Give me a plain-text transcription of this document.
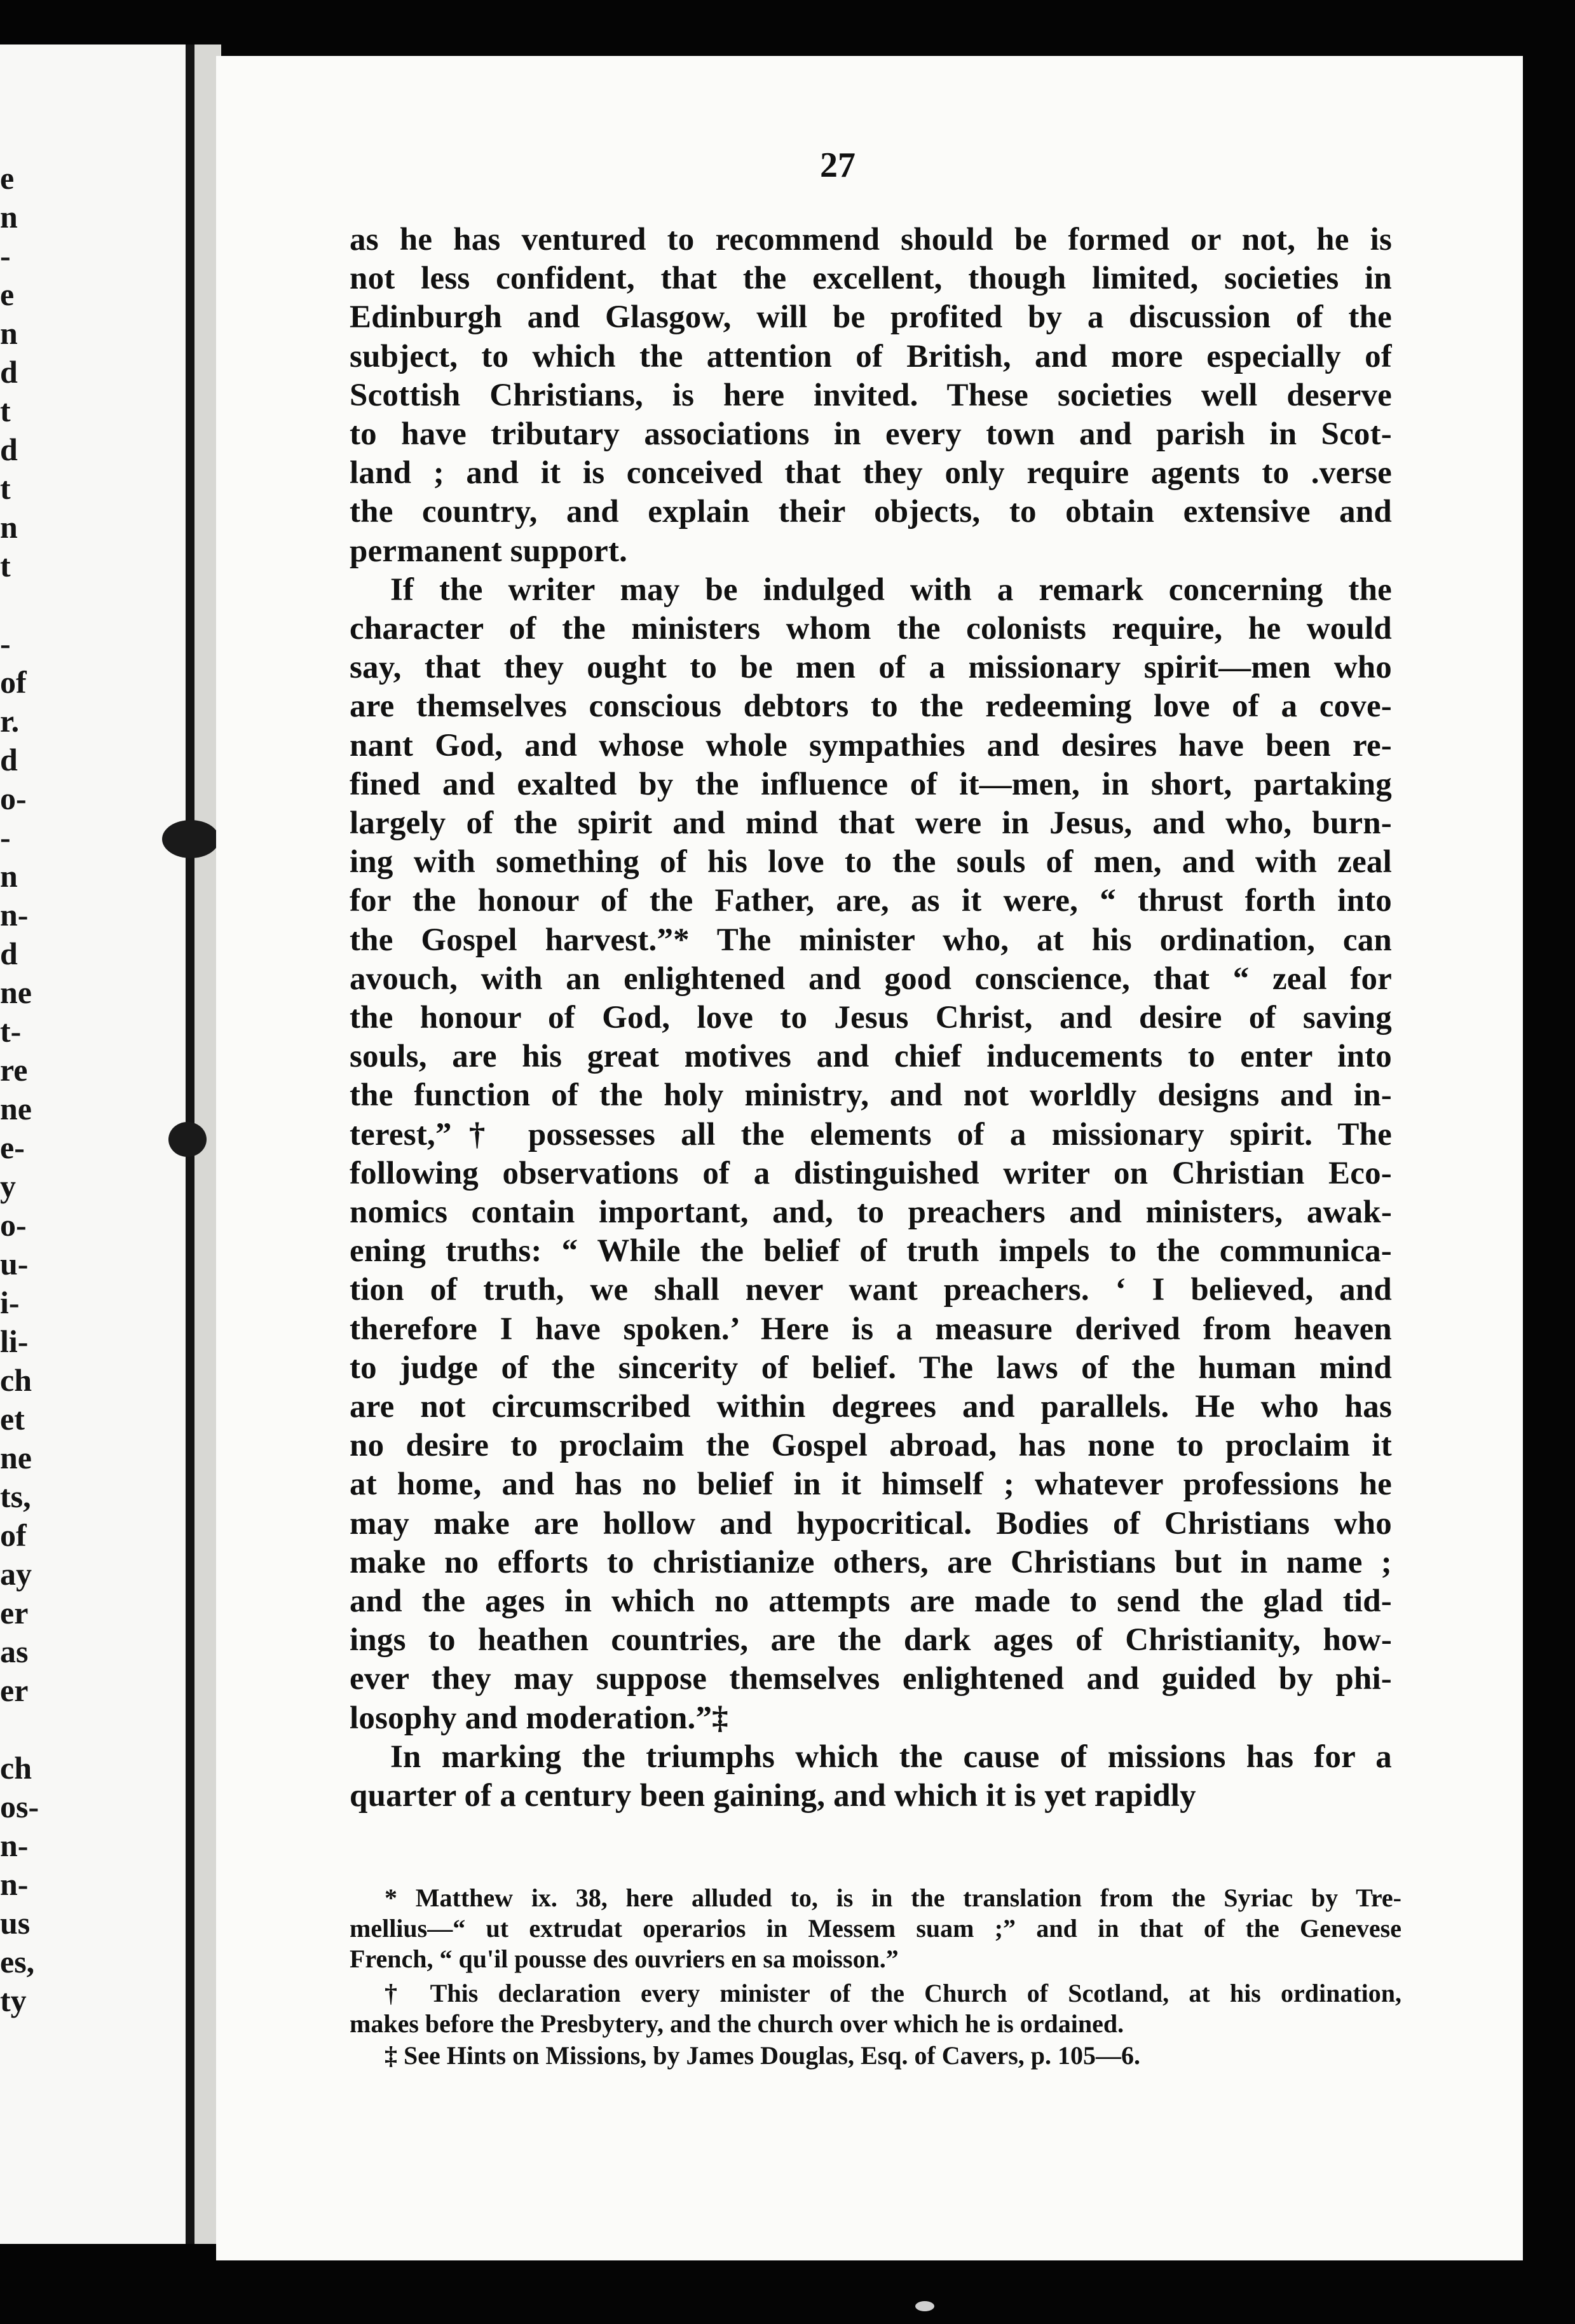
e
n
-
e
n
d
t
d
t
n
t
-
of
r.
d
o-
-
n
n-
d
ne
t-
re
ne
e-
y
o-
u-
i-
li-
ch
et
ne
ts,
of
ay
er
as
er
ch
os-
n-
n-
us
es,
ty
27
as he has ventured to recommend should be formed or not, he is
not less confident, that the excellent, though limited, societies in
Edinburgh and Glasgow, will be profited by a discussion of the
subject, to which the attention of British, and more especially of
Scottish Christians, is here invited. These societies well deserve
to have tributary associations in every town and parish in Scot-
land ; and it is conceived that they only require agents to .verse
the country, and explain their objects, to obtain extensive and
permanent support.
If the writer may be indulged with a remark concerning the
character of the ministers whom the colonists require, he would
say, that they ought to be men of a missionary spirit—men who
are themselves conscious debtors to the redeeming love of a cove-
nant God, and whose whole sympathies and desires have been re-
fined and exalted by the influence of it—men, in short, partaking
largely of the spirit and mind that were in Jesus, and who, burn-
ing with something of his love to the souls of men, and with zeal
for the honour of the Father, are, as it were, “ thrust forth into
the Gospel harvest.”* The minister who, at his ordination, can
avouch, with an enlightened and good conscience, that “ zeal for
the honour of God, love to Jesus Christ, and desire of saving
souls, are his great motives and chief inducements to enter into
the function of the holy ministry, and not worldly designs and in-
terest,”† possesses all the elements of a missionary spirit. The
following observations of a distinguished writer on Christian Eco-
nomics contain important, and, to preachers and ministers, awak-
ening truths: “ While the belief of truth impels to the communica-
tion of truth, we shall never want preachers. ‘ I believed, and
therefore I have spoken.’ Here is a measure derived from heaven
to judge of the sincerity of belief. The laws of the human mind
are not circumscribed within degrees and parallels. He who has
no desire to proclaim the Gospel abroad, has none to proclaim it
at home, and has no belief in it himself ; whatever professions he
may make are hollow and hypocritical. Bodies of Christians who
make no efforts to christianize others, are Christians but in name ;
and the ages in which no attempts are made to send the glad tid-
ings to heathen countries, are the dark ages of Christianity, how-
ever they may suppose themselves enlightened and guided by phi-
losophy and moderation.”‡
In marking the triumphs which the cause of missions has for a
quarter of a century been gaining, and which it is yet rapidly
* Matthew ix. 38, here alluded to, is in the translation from the Syriac by Tre-
mellius—“ ut extrudat operarios in Messem suam ;” and in that of the Genevese
French, “ qu'il pousse des ouvriers en sa moisson.”
† This declaration every minister of the Church of Scotland, at his ordination,
makes before the Presbytery, and the church over which he is ordained.
‡ See Hints on Missions, by James Douglas, Esq. of Cavers, p. 105—6.
